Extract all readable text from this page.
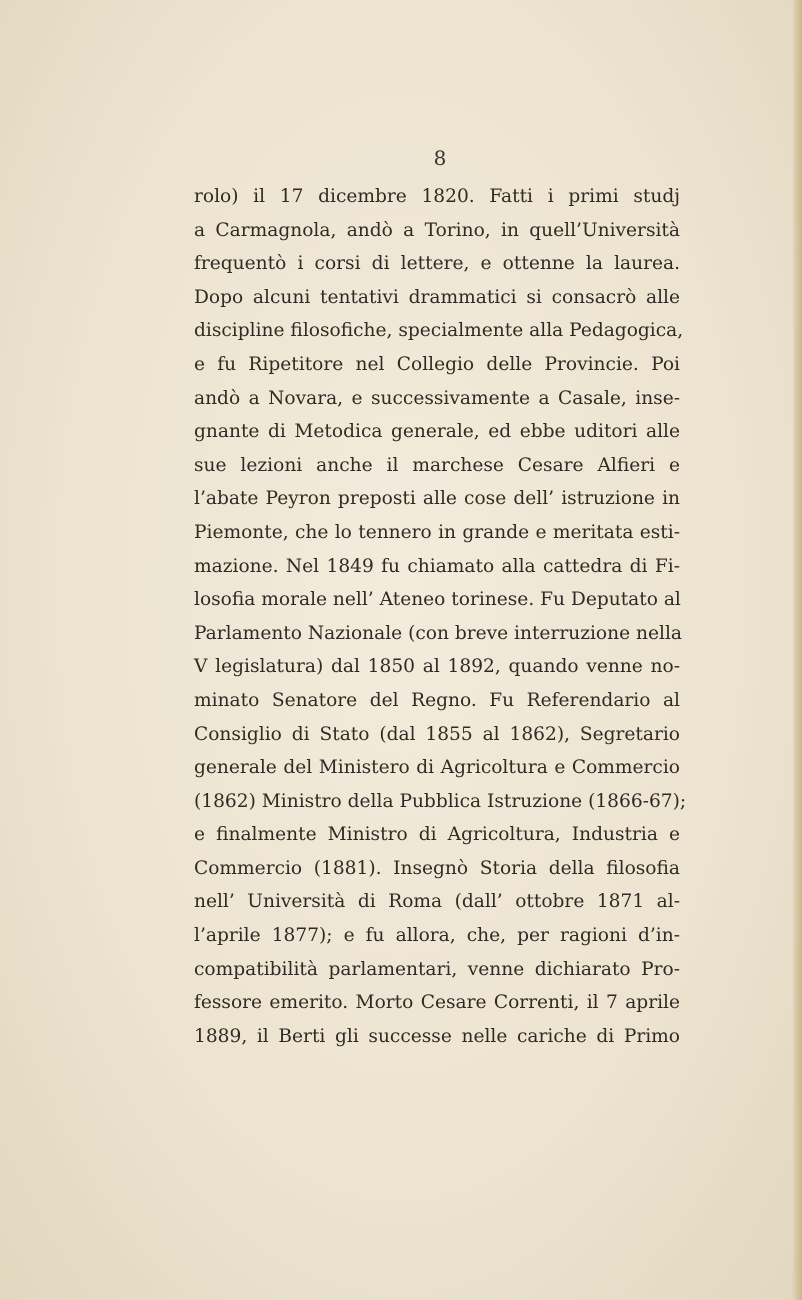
8
rolo) il 17 dicembre 1820. Fatti i primi studj
a Carmagnola, andò a Torino, in quell’Università
frequentò i corsi di lettere, e ottenne la laurea.
Dopo alcuni tentativi drammatici si consacrò alle
discipline filosofiche, specialmente alla Pedagogica,
e fu Ripetitore nel Collegio delle Provincie. Poi
andò a Novara, e successivamente a Casale, inse-
gnante di Metodica generale, ed ebbe uditori alle
sue lezioni anche il marchese Cesare Alfieri e
l’abate Peyron preposti alle cose dell’ istruzione in
Piemonte, che lo tennero in grande e meritata esti-
mazione. Nel 1849 fu chiamato alla cattedra di Fi-
losofia morale nell’ Ateneo torinese. Fu Deputato al
Parlamento Nazionale (con breve interruzione nella
V legislatura) dal 1850 al 1892, quando venne no-
minato Senatore del Regno. Fu Referendario al
Consiglio di Stato (dal 1855 al 1862), Segretario
generale del Ministero di Agricoltura e Commercio
(1862) Ministro della Pubblica Istruzione (1866-67);
e finalmente Ministro di Agricoltura, Industria e
Commercio (1881). Insegnò Storia della filosofia
nell’ Università di Roma (dall’ ottobre 1871 al-
l’aprile 1877); e fu allora, che, per ragioni d’in-
compatibilità parlamentari, venne dichiarato Pro-
fessore emerito. Morto Cesare Correnti, il 7 aprile
1889, il Berti gli successe nelle cariche di Primo
